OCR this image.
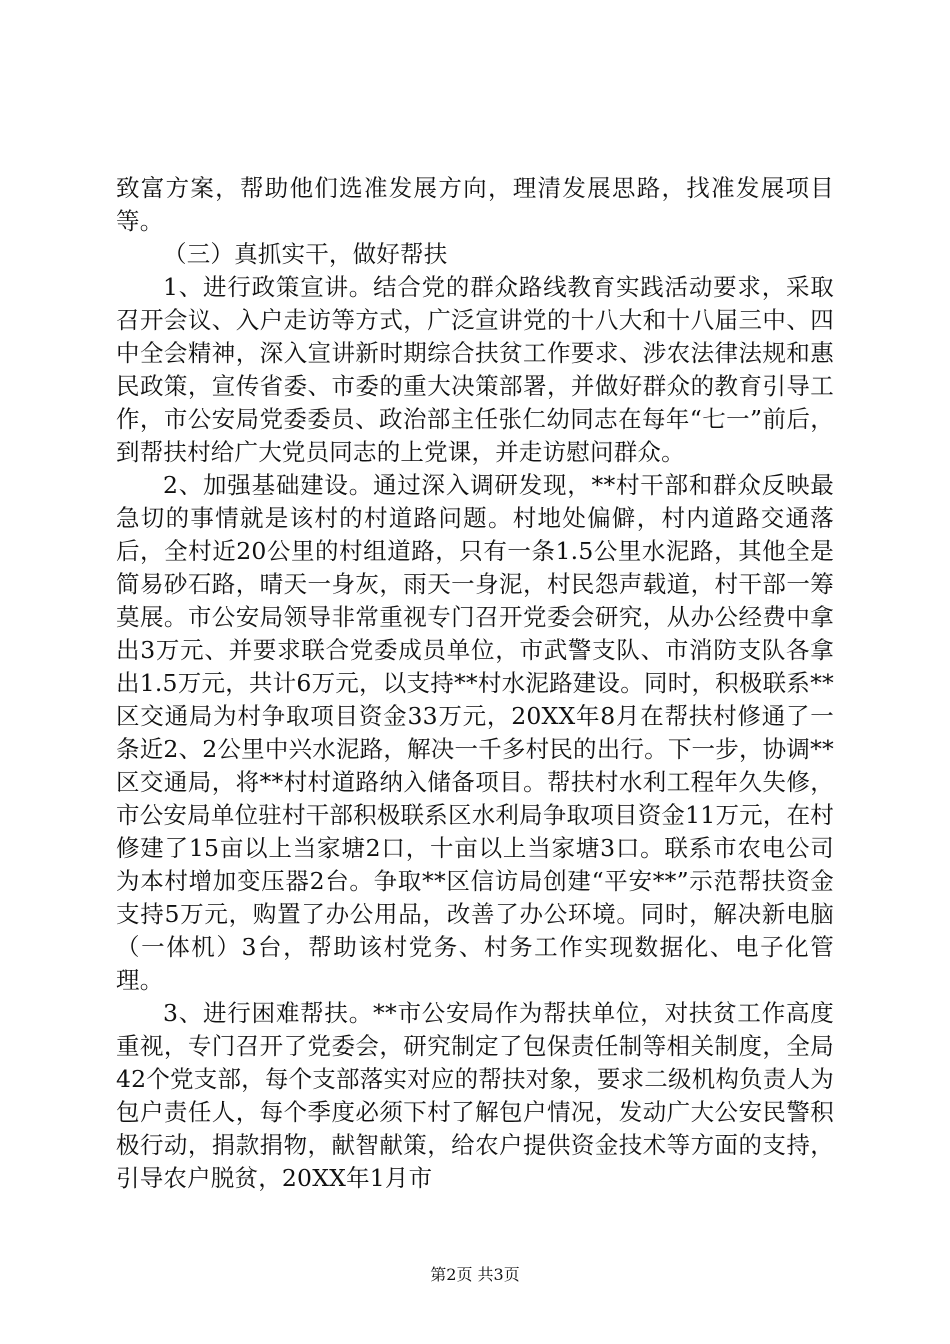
致富方案，帮助他们选准发展方向，理清发展思路，找准发展项目等。

（三）真抓实干，做好帮扶

1、进行政策宣讲。结合党的群众路线教育实践活动要求，采取召开会议、入户走访等方式，广泛宣讲党的十八大和十八届三中、四中全会精神，深入宣讲新时期综合扶贫工作要求、涉农法律法规和惠民政策，宣传省委、市委的重大决策部署，并做好群众的教育引导工作，市公安局党委委员、政治部主任张仁幼同志在每年“七一”前后，到帮扶村给广大党员同志的上党课，并走访慰问群众。

2、加强基础建设。通过深入调研发现，**村干部和群众反映最急切的事情就是该村的村道路问题。村地处偏僻，村内道路交通落后，全村近20公里的村组道路，只有一条1.5公里水泥路，其他全是简易砂石路，晴天一身灰，雨天一身泥，村民怨声载道，村干部一筹莫展。市公安局领导非常重视专门召开党委会研究，从办公经费中拿出3万元、并要求联合党委成员单位，市武警支队、市消防支队各拿出1.5万元，共计6万元，以支持**村水泥路建设。同时，积极联系**区交通局为村争取项目资金33万元，20XX年8月在帮扶村修通了一条近2、2公里中兴水泥路，解决一千多村民的出行。下一步，协调**区交通局，将**村村道路纳入储备项目。帮扶村水利工程年久失修，市公安局单位驻村干部积极联系区水利局争取项目资金11万元，在村修建了15亩以上当家塘2口，十亩以上当家塘3口。联系市农电公司为本村增加变压器2台。争取**区信访局创建“平安**”示范帮扶资金支持5万元，购置了办公用品，改善了办公环境。同时，解决新电脑（一体机）3台，帮助该村党务、村务工作实现数据化、电子化管理。

3、进行困难帮扶。**市公安局作为帮扶单位，对扶贫工作高度重视，专门召开了党委会，研究制定了包保责任制等相关制度，全局42个党支部，每个支部落实对应的帮扶对象，要求二级机构负责人为包户责任人，每个季度必须下村了解包户情况，发动广大公安民警积极行动，捐款捐物，献智献策，给农户提供资金技术等方面的支持，引导农户脱贫，20XX年1月市

第2页 共3页
